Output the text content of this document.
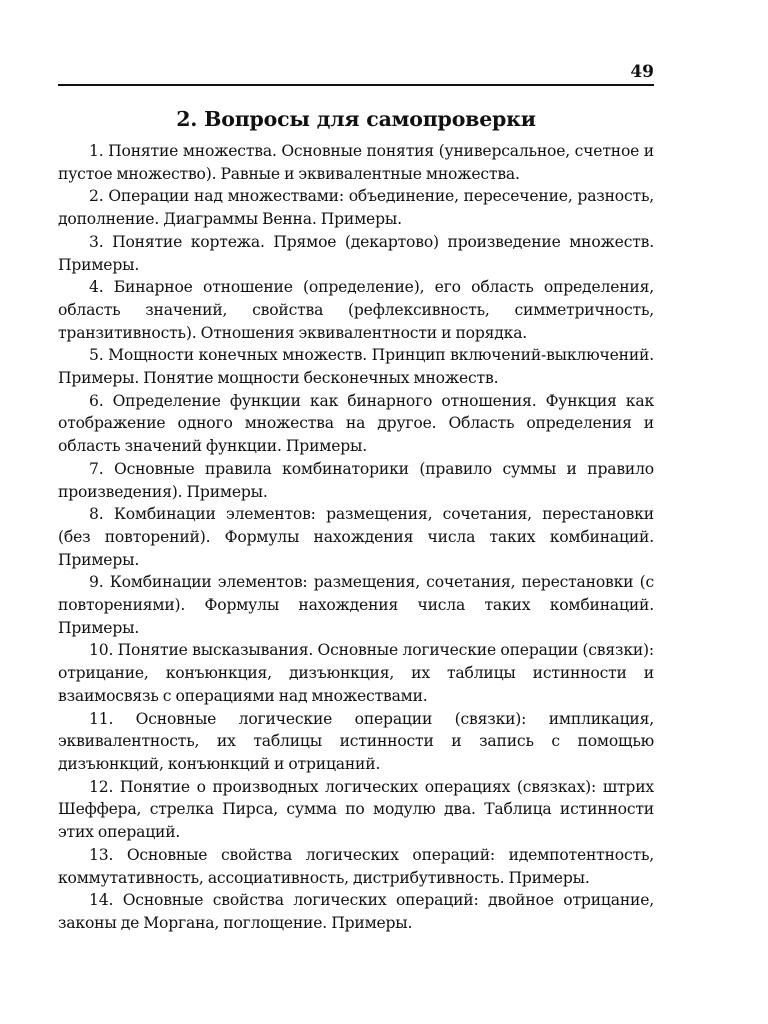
49
2. Вопросы для самопроверки
1. Понятие множества. Основные понятия (универсальное, счетное и пустое множество). Равные и эквивалентные множества.
2. Операции над множествами: объединение, пересечение, разность, дополнение. Диаграммы Венна. Примеры.
3. Понятие кортежа. Прямое (декартово) произведение множеств. Примеры.
4. Бинарное отношение (определение), его область определения, область значений, свойства (рефлексивность, симметричность, транзитивность). Отношения эквивалентности и порядка.
5. Мощности конечных множеств. Принцип включений-выключений. Примеры. Понятие мощности бесконечных множеств.
6. Определение функции как бинарного отношения. Функция как отображение одного множества на другое. Область определения и область значений функции. Примеры.
7. Основные правила комбинаторики (правило суммы и правило произведения). Примеры.
8. Комбинации элементов: размещения, сочетания, перестановки (без повторений). Формулы нахождения числа таких комбинаций. Примеры.
9. Комбинации элементов: размещения, сочетания, перестановки (с повторениями). Формулы нахождения числа таких комбинаций. Примеры.
10. Понятие высказывания. Основные логические операции (связки): отрицание, конъюнкция, дизъюнкция, их таблицы истинности и взаимосвязь с операциями над множествами.
11. Основные логические операции (связки): импликация, эквивалентность, их таблицы истинности и запись с помощью дизъюнкций, конъюнкций и отрицаний.
12. Понятие о производных логических операциях (связках): штрих Шеффера, стрелка Пирса, сумма по модулю два. Таблица истинности этих операций.
13. Основные свойства логических операций: идемпотентность, коммутативность, ассоциативность, дистрибутивность. Примеры.
14. Основные свойства логических операций: двойное отрицание, законы де Моргана, поглощение. Примеры.
